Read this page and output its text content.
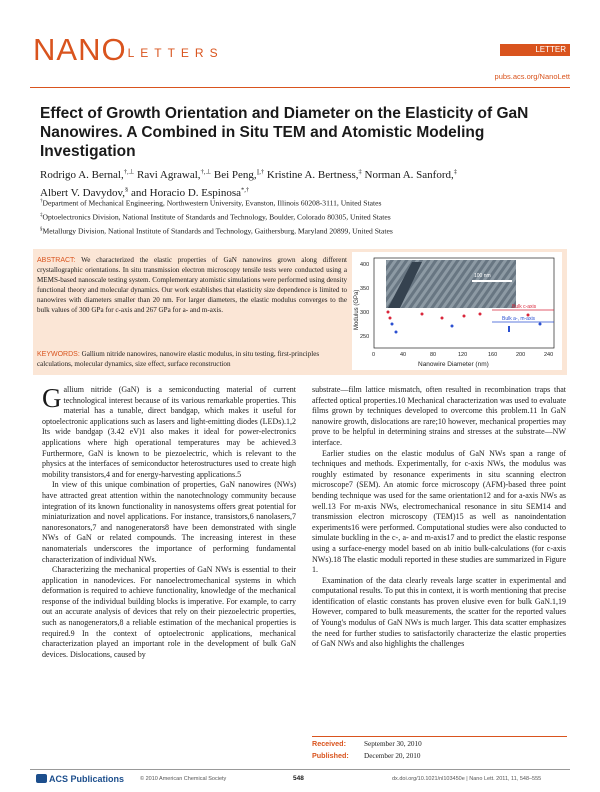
$NANO^{LETTERS}$	LETTER
pubs.acs.org/NanoLett
Effect of Growth Orientation and Diameter on the Elasticity of GaN Nanowires. A Combined in Situ TEM and Atomistic Modeling Investigation
Rodrigo A. Bernal,†,⊥ Ravi Agrawal,†,⊥ Bei Peng,||,† Kristine A. Bertness,‡ Norman A. Sanford,‡
Albert V. Davydov,§ and Horacio D. Espinosa*,†
†Department of Mechanical Engineering, Northwestern University, Evanston, Illinois 60208-3111, United States
‡Optoelectronics Division, National Institute of Standards and Technology, Boulder, Colorado 80305, United States
§Metallurgy Division, National Institute of Standards and Technology, Gaithersburg, Maryland 20899, United States
ABSTRACT: We characterized the elastic properties of GaN nanowires grown along different crystallographic orientations. In situ transmission electron microscopy tensile tests were conducted using a MEMS-based nanoscale testing system. Complementary atomistic simulations were performed using density functional theory and molecular dynamics. Our work establishes that elasticity size dependence is limited to nanowires with diameters smaller than 20 nm. For larger diameters, the elastic modulus converges to the bulk values of 300 GPa for c-axis and 267 GPa for a- and m-axis.
KEYWORDS: Gallium nitride nanowires, nanowire elastic modulus, in situ testing, first-principles calculations, molecular dynamics, size effect, surface reconstruction
100 nm
Bulk c-axis
Bulk a-, m-axis
400
350
300
250
0	40	80	120	160	200	240
Nanowire Diameter (nm)
Modulus (GPa)

Gallium nitride (GaN) is a semiconducting material of current technological interest because of its various remarkable properties. This material has a tunable, direct bandgap, which makes it useful for optoelectronic applications such as lasers and light-emitting diodes (LEDs).1,2 Its wide bandgap (3.42 eV)1 also makes it ideal for power-electronics applications where high operational temperatures may be achieved.3 Furthermore, GaN is known to be piezoelectric, which is relevant to the physics at the interfaces of semiconductor heterostructures used to create high mobility transistors,4 and for energy-harvesting applications.5

In view of this unique combination of properties, GaN nanowires (NWs) have attracted great attention within the nanotechnology community because integration of its known functionality in nanosystems offers great potential for miniaturization and novel applications. For instance, transistors,6 nanolasers,7 nanoresonators,7 and nanogenerators8 have been demonstrated with single NWs of GaN or related compounds. The increasing interest in these nanomaterials underscores the importance of performing fundamental characterization of individual NWs.

Characterizing the mechanical properties of GaN NWs is essential to their application in nanodevices. For nanoelectromechanical systems in which deformation is required to achieve functionality, knowledge of the mechanical response of the individual building blocks is imperative. For example, to carry out an accurate analysis of devices that rely on their piezoelectric properties, such as nanogenerators,8 a reliable estimation of the mechanical properties is required.9 In the context of optoelectronic applications, mechanical characterization played an important role in the development of bulk GaN devices. Dislocations, caused by

substrate—film lattice mismatch, often resulted in recombination traps that affected optical properties.10 Mechanical characterization was used to evaluate films grown by techniques developed to overcome this problem.11 In GaN nanowire growth, dislocations are rare;10 however, mechanical properties may prove to be helpful in determining strains and stresses at the substrate—NW interface.

Earlier studies on the elastic modulus of GaN NWs span a range of techniques and methods. Experimentally, for c-axis NWs, the modulus was roughly estimated by resonance experiments in situ scanning electron microscope7 (SEM). An atomic force microscopy (AFM)-based three point bending technique was used for the same orientation12 and for a-axis NWs as well.13 For m-axis NWs, electromechanical resonance in situ SEM14 and transmission electron microscopy (TEM)15 as well as nanoindentation experiments16 were performed. Computational studies were also conducted to simulate buckling in the c-, a- and m-axis17 and to predict the elastic response using a surface-energy model based on ab initio bulk-calculations (for c-axis NWs).18 The elastic moduli reported in these studies are summarized in Figure 1.

Examination of the data clearly reveals large scatter in experimental and computational results. To put this in context, it is worth mentioning that precise identification of elastic constants has proven elusive even for bulk GaN.1,19 However, compared to bulk measurements, the scatter for the reported values of Young's modulus of GaN NWs is much larger. This data scatter emphasizes the need for further studies to satisfactorily characterize the elastic properties of GaN NWs and also highlights the challenges

Received:	September 30, 2010
Published: December 20, 2010
ACS Publications	© 2010 American Chemical Society	548	dx.doi.org/10.1021/nl103450e | Nano Lett. 2011, 11, 548–555
